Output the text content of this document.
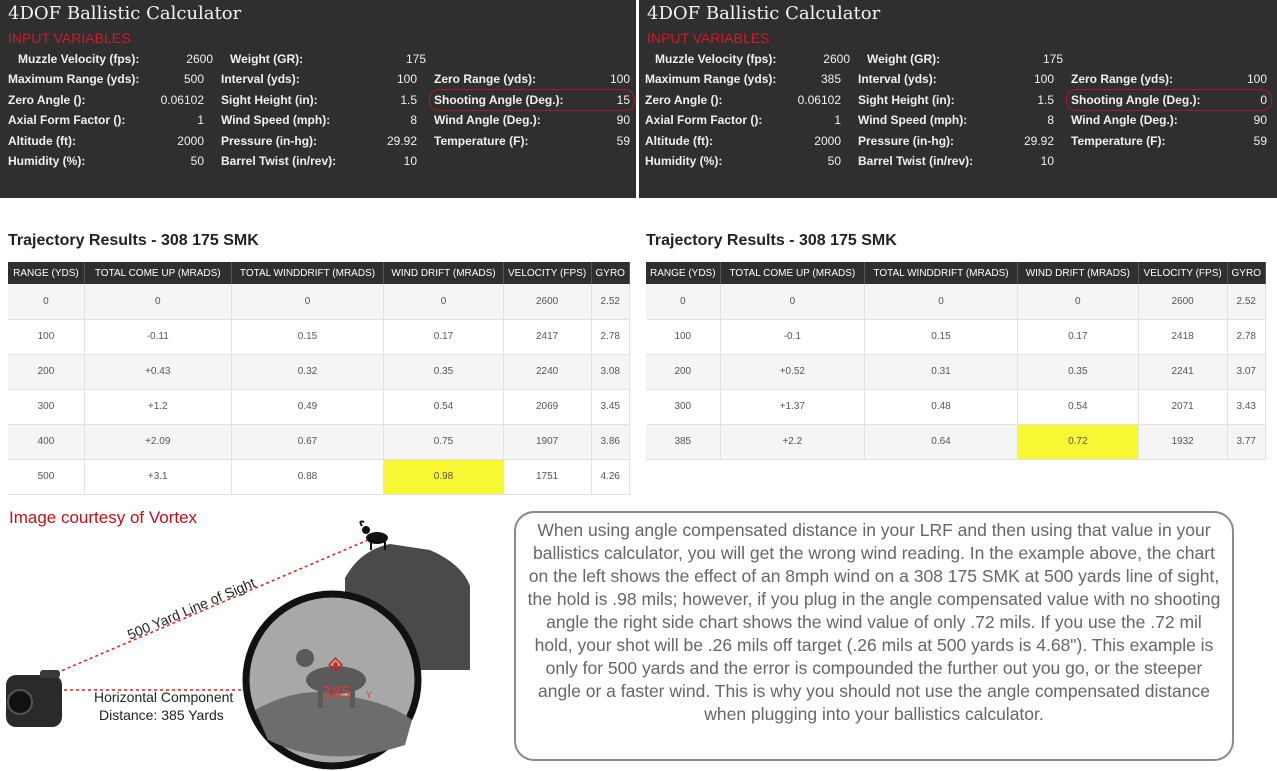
4DOF Ballistic Calculator
INPUT VARIABLES
Muzzle Velocity (fps):	2600 Weight (GR):	175
Maximum Range (yds):	500 Interval (yds):	100 Zero Range (yds):	100
Zero Angle ():	0.06102 Sight Height (in):	1.5 Shooting Angle (Deg.):	15
Axial Form Factor ():	1 Wind Speed (mph):	8 Wind Angle (Deg.):	90
Altitude (ft):	2000 Pressure (in-hg):	29.92 Temperature (F):	59
Humidity (%):	50 Barrel Twist (in/rev):	10
4DOF Ballistic Calculator
INPUT VARIABLES
Muzzle Velocity (fps):	2600 Weight (GR):	175
Maximum Range (yds):	385 Interval (yds):	100 Zero Range (yds):	100
Zero Angle ():	0.06102 Sight Height (in):	1.5 Shooting Angle (Deg.):	0
Axial Form Factor ():	1 Wind Speed (mph):	8 Wind Angle (Deg.):	90
Altitude (ft):	2000 Pressure (in-hg):	29.92 Temperature (F):	59
Humidity (%):	50 Barrel Twist (in/rev):	10
Trajectory Results - 308 175 SMK
RANGE (YDS)	TOTAL COME UP (MRADS)	TOTAL WINDDRIFT (MRADS)	WIND DRIFT (MRADS)	VELOCITY (FPS)	GYRO
0	0	0	0	2600	2.52
100	-0.11	0.15	0.17	2417	2.78
200	+0.43	0.32	0.35	2240	3.08
300	+1.2	0.49	0.54	2069	3.45
400	+2.09	0.67	0.75	1907	3.86
500	+3.1	0.88	0.98	1751	4.26
Trajectory Results - 308 175 SMK
RANGE (YDS)	TOTAL COME UP (MRADS)	TOTAL WINDDRIFT (MRADS)	WIND DRIFT (MRADS)	VELOCITY (FPS)	GYRO
0	0	0	0	2600	2.52
100	-0.1	0.15	0.17	2418	2.78
200	+0.52	0.31	0.35	2241	3.07
300	+1.37	0.48	0.54	2071	3.43
385	+2.2	0.64	0.72	1932	3.77
Image courtesy of Vortex
500 Yard Line of Sight
385 Y
Horizontal Component
Distance: 385 Yards
When using angle compensated distance in your LRF and then using that value in your ballistics calculator, you will get the wrong wind reading. In the example above, the chart on the left shows the effect of an 8mph wind on a 308 175 SMK at 500 yards line of sight, the hold is .98 mils; however, if you plug in the angle compensated value with no shooting angle the right side chart shows the wind value of only .72 mils. If you use the .72 mil hold, your shot will be .26 mils off target (.26 mils at 500 yards is 4.68"). This example is only for 500 yards and the error is compounded the further out you go, or the steeper angle or a faster wind. This is why you should not use the angle compensated distance when plugging into your ballistics calculator.
